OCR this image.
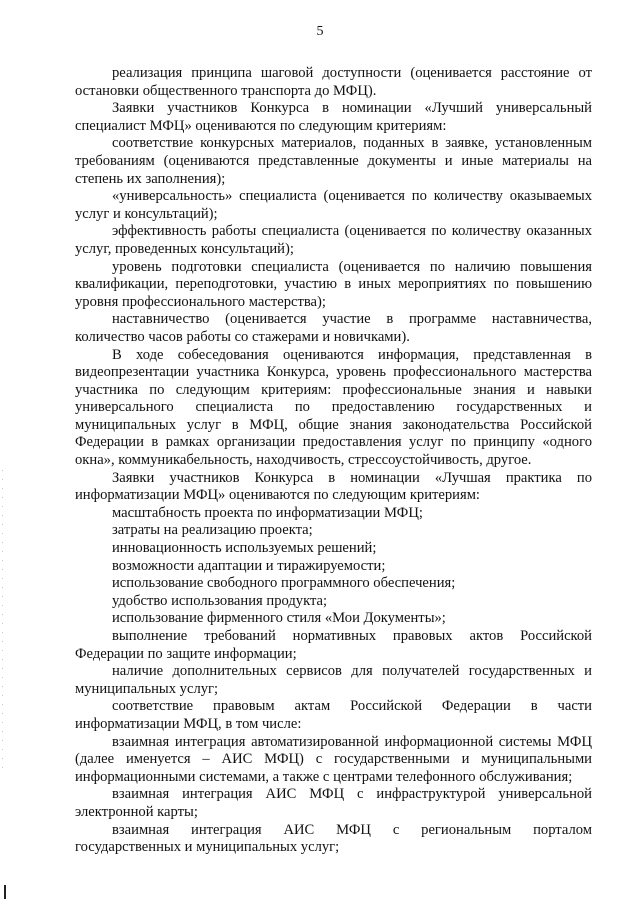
5

реализация принципа шаговой доступности (оценивается расстояние от остановки общественного транспорта до МФЦ).

Заявки участников Конкурса в номинации «Лучший универсальный специалист МФЦ» оцениваются по следующим критериям:

соответствие конкурсных материалов, поданных в заявке, установленным требованиям (оцениваются представленные документы и иные материалы на степень их заполнения);

«универсальность» специалиста (оценивается по количеству оказываемых услуг и консультаций);

эффективность работы специалиста (оценивается по количеству оказанных услуг, проведенных консультаций);

уровень подготовки специалиста (оценивается по наличию повышения квалификации, переподготовки, участию в иных мероприятиях по повышению уровня профессионального мастерства);

наставничество (оценивается участие в программе наставничества, количество часов работы со стажерами и новичками).

В ходе собеседования оцениваются информация, представленная в видеопрезентации участника Конкурса, уровень профессионального мастерства участника по следующим критериям: профессиональные знания и навыки универсального специалиста по предоставлению государственных и муниципальных услуг в МФЦ, общие знания законодательства Российской Федерации в рамках организации предоставления услуг по принципу «одного окна», коммуникабельность, находчивость, стрессоустойчивость, другое.

Заявки участников Конкурса в номинации «Лучшая практика по информатизации МФЦ» оцениваются по следующим критериям:

масштабность проекта по информатизации МФЦ;

затраты на реализацию проекта;

инновационность используемых решений;

возможности адаптации и тиражируемости;

использование свободного программного обеспечения;

удобство использования продукта;

использование фирменного стиля «Мои Документы»;

выполнение требований нормативных правовых актов Российской Федерации по защите информации;

наличие дополнительных сервисов для получателей государственных и муниципальных услуг;

соответствие правовым актам Российской Федерации в части информатизации МФЦ, в том числе:

взаимная интеграция автоматизированной информационной системы МФЦ (далее именуется – АИС МФЦ) с государственными и муниципальными информационными системами, а также с центрами телефонного обслуживания;

взаимная интеграция АИС МФЦ с инфраструктурой универсальной электронной карты;

взаимная интеграция АИС МФЦ с региональным порталом государственных и муниципальных услуг;
